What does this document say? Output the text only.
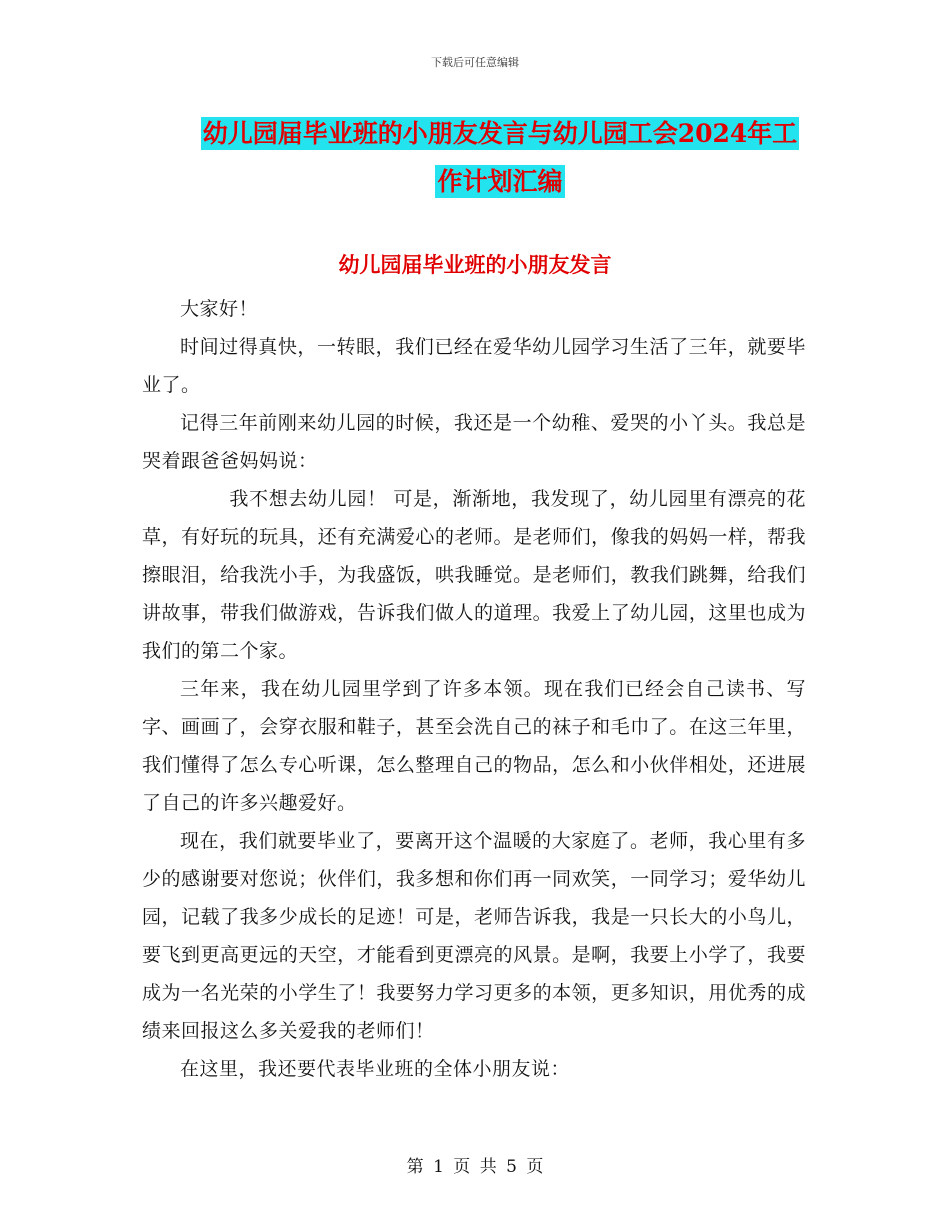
下载后可任意编辑
幼儿园届毕业班的小朋友发言与幼儿园工会2024年工
作计划汇编
幼儿园届毕业班的小朋友发言

大家好！

时间过得真快，一转眼，我们已经在爱华幼儿园学习生活了三年，就要毕业了。

记得三年前刚来幼儿园的时候，我还是一个幼稚、爱哭的小丫头。我总是哭着跟爸爸妈妈说：

我不想去幼儿园！ 可是，渐渐地，我发现了，幼儿园里有漂亮的花草，有好玩的玩具，还有充满爱心的老师。是老师们，像我的妈妈一样，帮我擦眼泪，给我洗小手，为我盛饭，哄我睡觉。是老师们，教我们跳舞，给我们讲故事，带我们做游戏，告诉我们做人的道理。我爱上了幼儿园，这里也成为我们的第二个家。

三年来，我在幼儿园里学到了许多本领。现在我们已经会自己读书、写字、画画了，会穿衣服和鞋子，甚至会洗自己的袜子和毛巾了。在这三年里，我们懂得了怎么专心听课，怎么整理自己的物品，怎么和小伙伴相处，还进展了自己的许多兴趣爱好。

现在，我们就要毕业了，要离开这个温暖的大家庭了。老师，我心里有多少的感谢要对您说；伙伴们，我多想和你们再一同欢笑，一同学习；爱华幼儿园，记载了我多少成长的足迹！可是，老师告诉我，我是一只长大的小鸟儿，要飞到更高更远的天空，才能看到更漂亮的风景。是啊，我要上小学了，我要成为一名光荣的小学生了！我要努力学习更多的本领，更多知识，用优秀的成绩来回报这么多关爱我的老师们！

在这里，我还要代表毕业班的全体小朋友说：

第 1 页 共 5 页
